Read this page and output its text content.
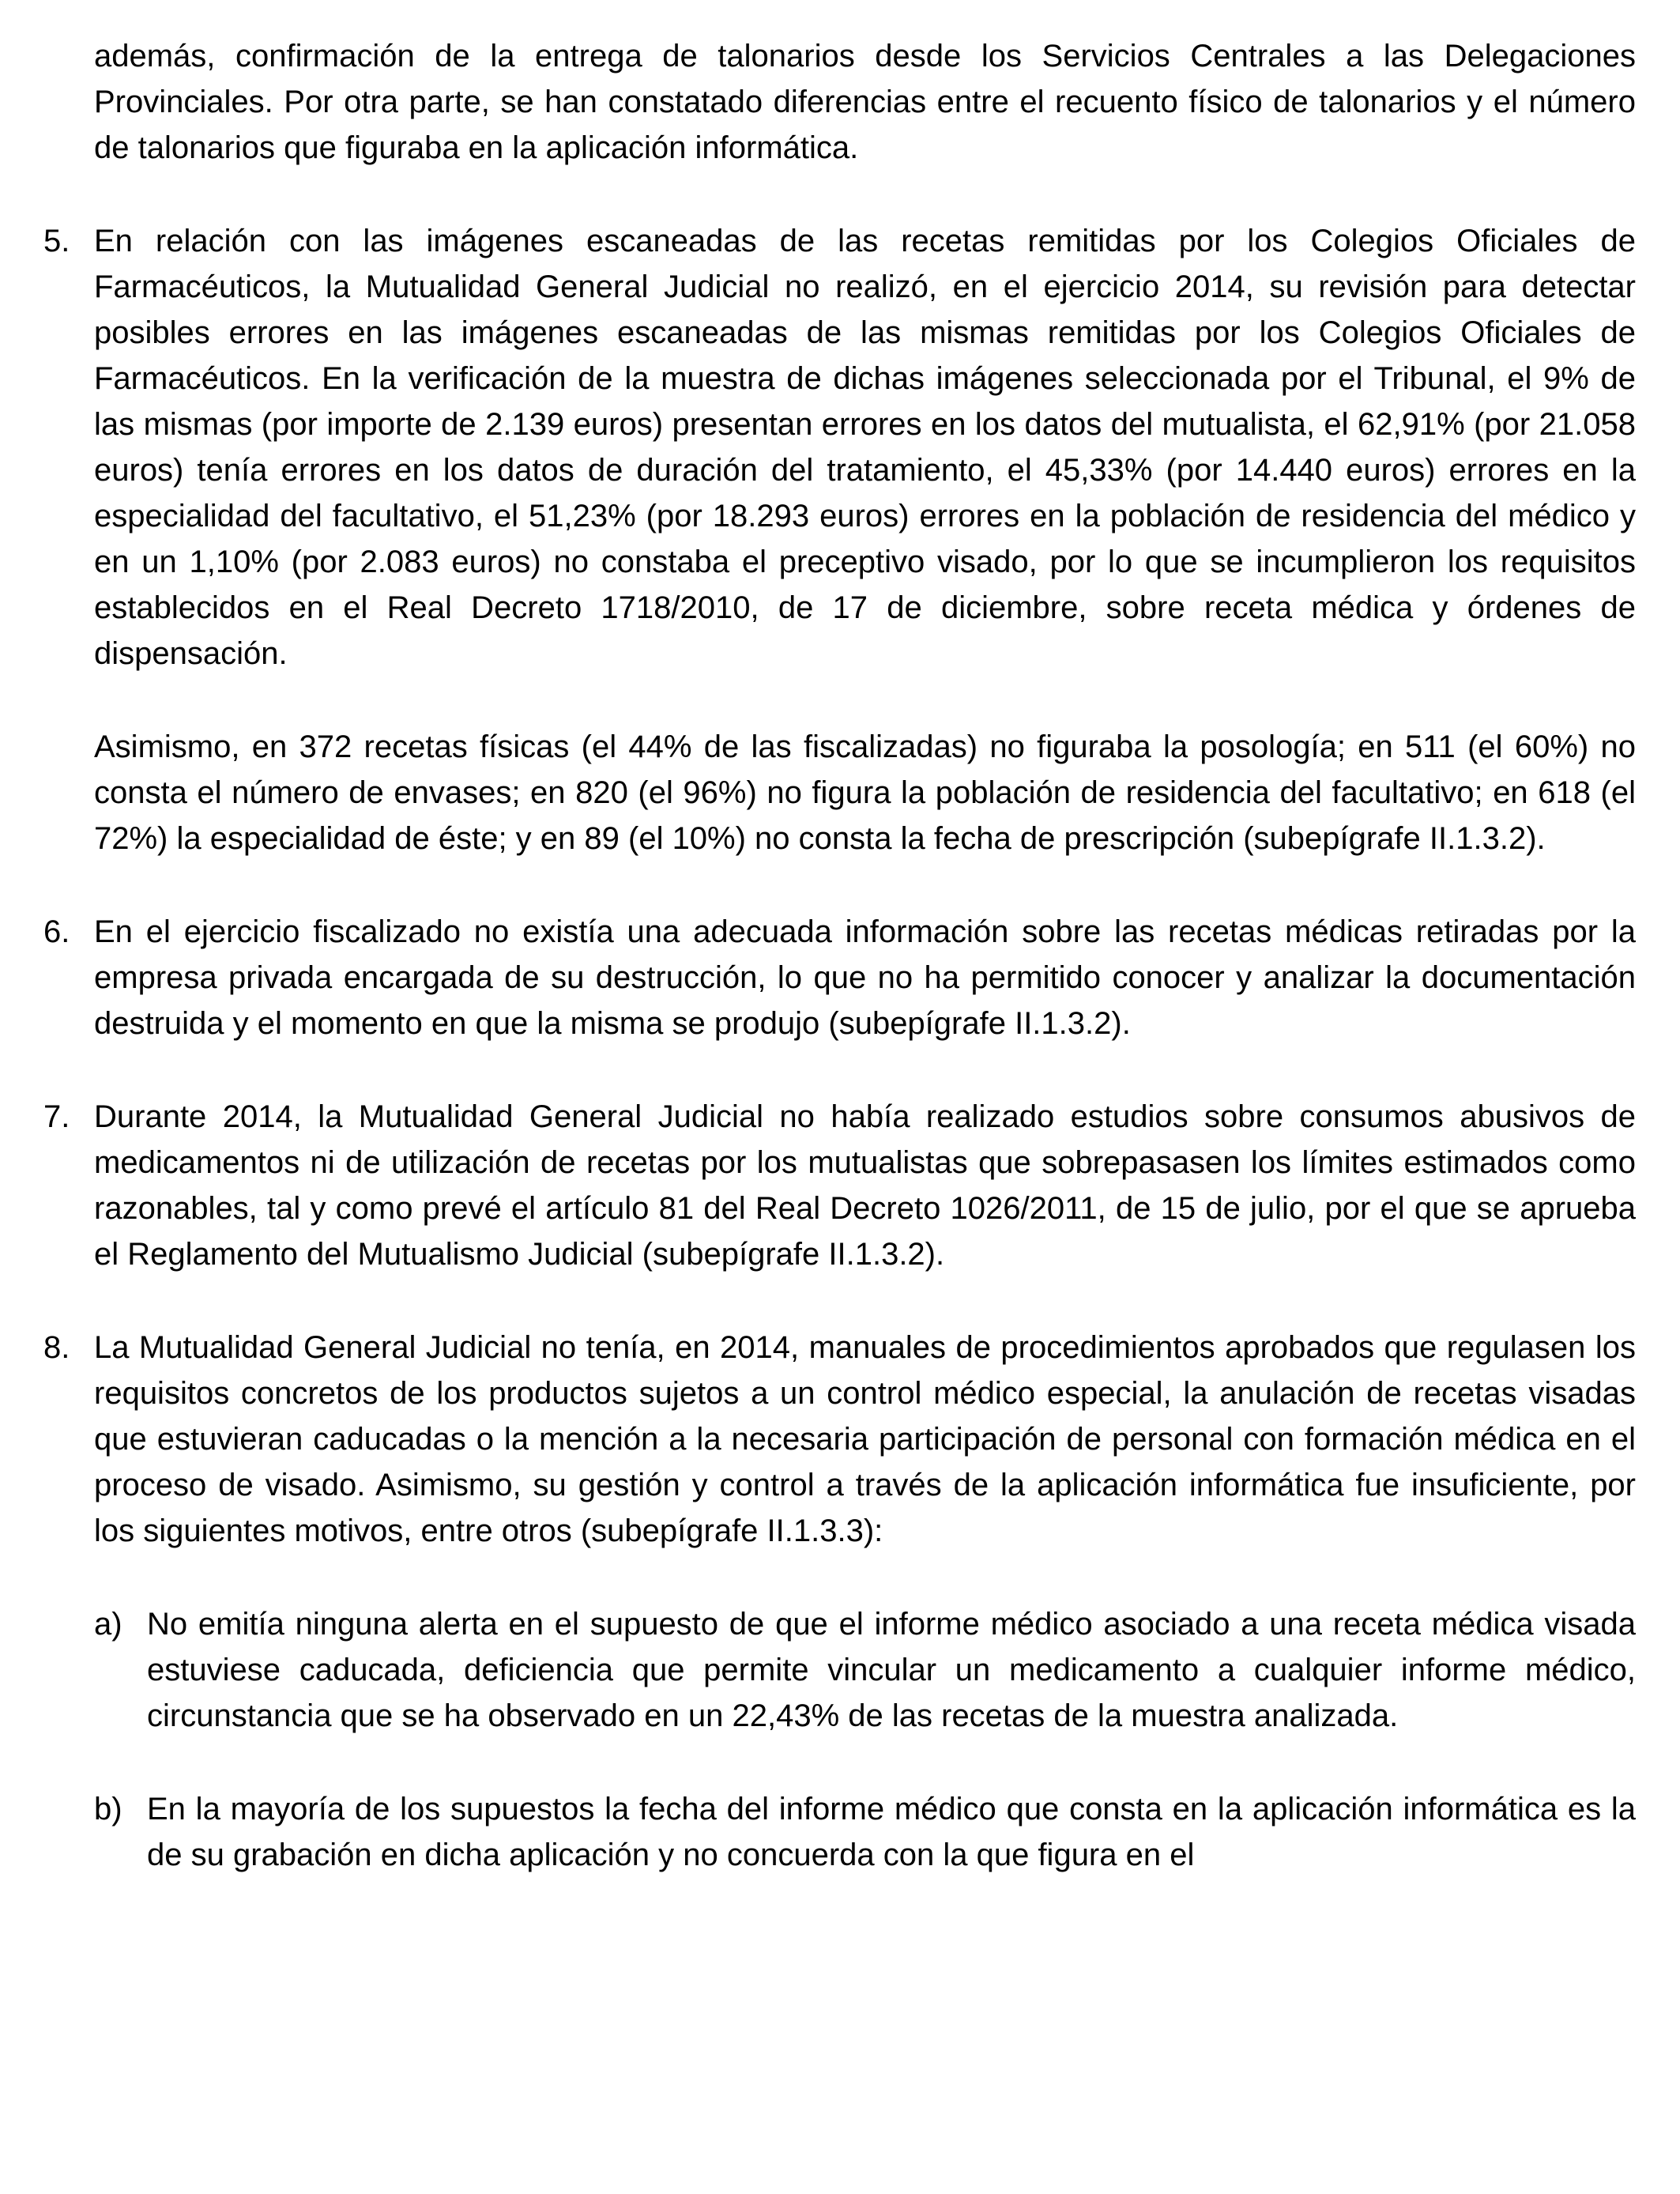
además, confirmación de la entrega de talonarios desde los Servicios Centrales a las Delegaciones Provinciales. Por otra parte, se han constatado diferencias entre el recuento físico de talonarios y el número de talonarios que figuraba en la aplicación informática.

5. En relación con las imágenes escaneadas de las recetas remitidas por los Colegios Oficiales de Farmacéuticos, la Mutualidad General Judicial no realizó, en el ejercicio 2014, su revisión para detectar posibles errores en las imágenes escaneadas de las mismas remitidas por los Colegios Oficiales de Farmacéuticos. En la verificación de la muestra de dichas imágenes seleccionada por el Tribunal, el 9% de las mismas (por importe de 2.139 euros) presentan errores en los datos del mutualista, el 62,91% (por 21.058 euros) tenía errores en los datos de duración del tratamiento, el 45,33% (por 14.440 euros) errores en la especialidad del facultativo, el 51,23% (por 18.293 euros) errores en la población de residencia del médico y en un 1,10% (por 2.083 euros) no constaba el preceptivo visado, por lo que se incumplieron los requisitos establecidos en el Real Decreto 1718/2010, de 17 de diciembre, sobre receta médica y órdenes de dispensación.

Asimismo, en 372 recetas físicas (el 44% de las fiscalizadas) no figuraba la posología; en 511 (el 60%) no consta el número de envases; en 820 (el 96%) no figura la población de residencia del facultativo; en 618 (el 72%) la especialidad de éste; y en 89 (el 10%) no consta la fecha de prescripción (subepígrafe II.1.3.2).

6. En el ejercicio fiscalizado no existía una adecuada información sobre las recetas médicas retiradas por la empresa privada encargada de su destrucción, lo que no ha permitido conocer y analizar la documentación destruida y el momento en que la misma se produjo (subepígrafe II.1.3.2).

7. Durante 2014, la Mutualidad General Judicial no había realizado estudios sobre consumos abusivos de medicamentos ni de utilización de recetas por los mutualistas que sobrepasasen los límites estimados como razonables, tal y como prevé el artículo 81 del Real Decreto 1026/2011, de 15 de julio, por el que se aprueba el Reglamento del Mutualismo Judicial (subepígrafe II.1.3.2).

8. La Mutualidad General Judicial no tenía, en 2014, manuales de procedimientos aprobados que regulasen los requisitos concretos de los productos sujetos a un control médico especial, la anulación de recetas visadas que estuvieran caducadas o la mención a la necesaria participación de personal con formación médica en el proceso de visado. Asimismo, su gestión y control a través de la aplicación informática fue insuficiente, por los siguientes motivos, entre otros (subepígrafe II.1.3.3):

a) No emitía ninguna alerta en el supuesto de que el informe médico asociado a una receta médica visada estuviese caducada, deficiencia que permite vincular un medicamento a cualquier informe médico, circunstancia que se ha observado en un 22,43% de las recetas de la muestra analizada.

b) En la mayoría de los supuestos la fecha del informe médico que consta en la aplicación informática es la de su grabación en dicha aplicación y no concuerda con la que figura en el
